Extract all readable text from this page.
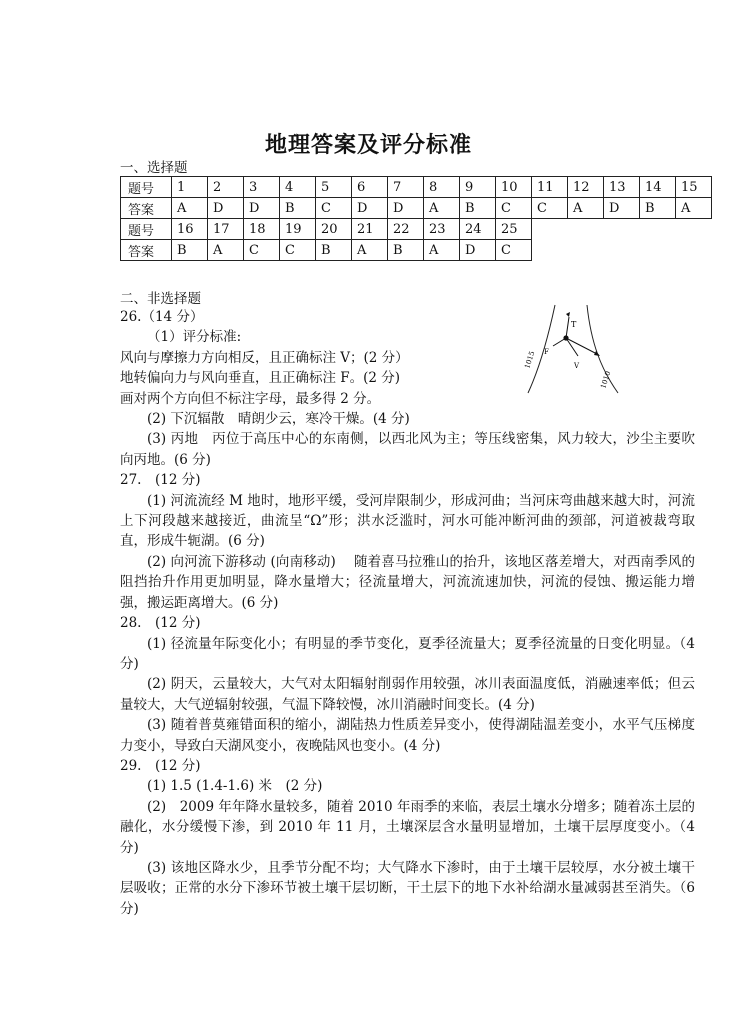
地理答案及评分标准
一、选择题
题号	1	2	3	4	5	6	7	8	9	10	11	12	13	14	15
答案	A	D	D	B	C	D	D	A	B	C	C	A	D	B	A
题号	16	17	18	19	20	21	22	23	24	25					
答案	B	A	C	C	B	A	B	A	D	C					
二、非选择题
T
F
V
1015
1010

26.（14 分）

（1）评分标准:

风向与摩擦力方向相反，且正确标注 V；(2 分）

地转偏向力与风向垂直，且正确标注 F。(2 分)

画对两个方向但不标注字母，最多得 2 分。

(2) 下沉辐散　晴朗少云，寒冷干燥。(4 分)

(3) 丙地　丙位于高压中心的东南侧，以西北风为主；等压线密集，风力较大，沙尘主要吹向丙地。(6 分)

27.　(12 分)

(1) 河流流经 M 地时，地形平缓，受河岸限制少，形成河曲；当河床弯曲越来越大时，河流上下河段越来越接近，曲流呈“Ω”形；洪水泛滥时，河水可能冲断河曲的颈部，河道被裁弯取直，形成牛轭湖。(6 分)

(2) 向河流下游移动 (向南移动)　 随着喜马拉雅山的抬升，该地区落差增大，对西南季风的阻挡抬升作用更加明显，降水量增大；径流量增大，河流流速加快，河流的侵蚀、搬运能力增强，搬运距离增大。(6 分)

28.　(12 分)

(1) 径流量年际变化小；有明显的季节变化，夏季径流量大；夏季径流量的日变化明显。（4 分)

(2) 阴天，云量较大，大气对太阳辐射削弱作用较强，冰川表面温度低，消融速率低；但云量较大，大气逆辐射较强，气温下降较慢，冰川消融时间变长。(4 分)

(3) 随着普莫雍错面积的缩小，湖陆热力性质差异变小，使得湖陆温差变小，水平气压梯度力变小，导致白天湖风变小，夜晚陆风也变小。(4 分)

29.　(12 分)

(1) 1.5 (1.4-1.6) 米　(2 分)

(2)　2009 年年降水量较多，随着 2010 年雨季的来临，表层土壤水分增多；随着冻土层的融化，水分缓慢下渗，到 2010 年 11 月，土壤深层含水量明显增加，土壤干层厚度变小。（4 分)

(3) 该地区降水少，且季节分配不均；大气降水下渗时，由于土壤干层较厚，水分被土壤干层吸收；正常的水分下渗环节被土壤干层切断，干土层下的地下水补给湖水量减弱甚至消失。（6 分)
